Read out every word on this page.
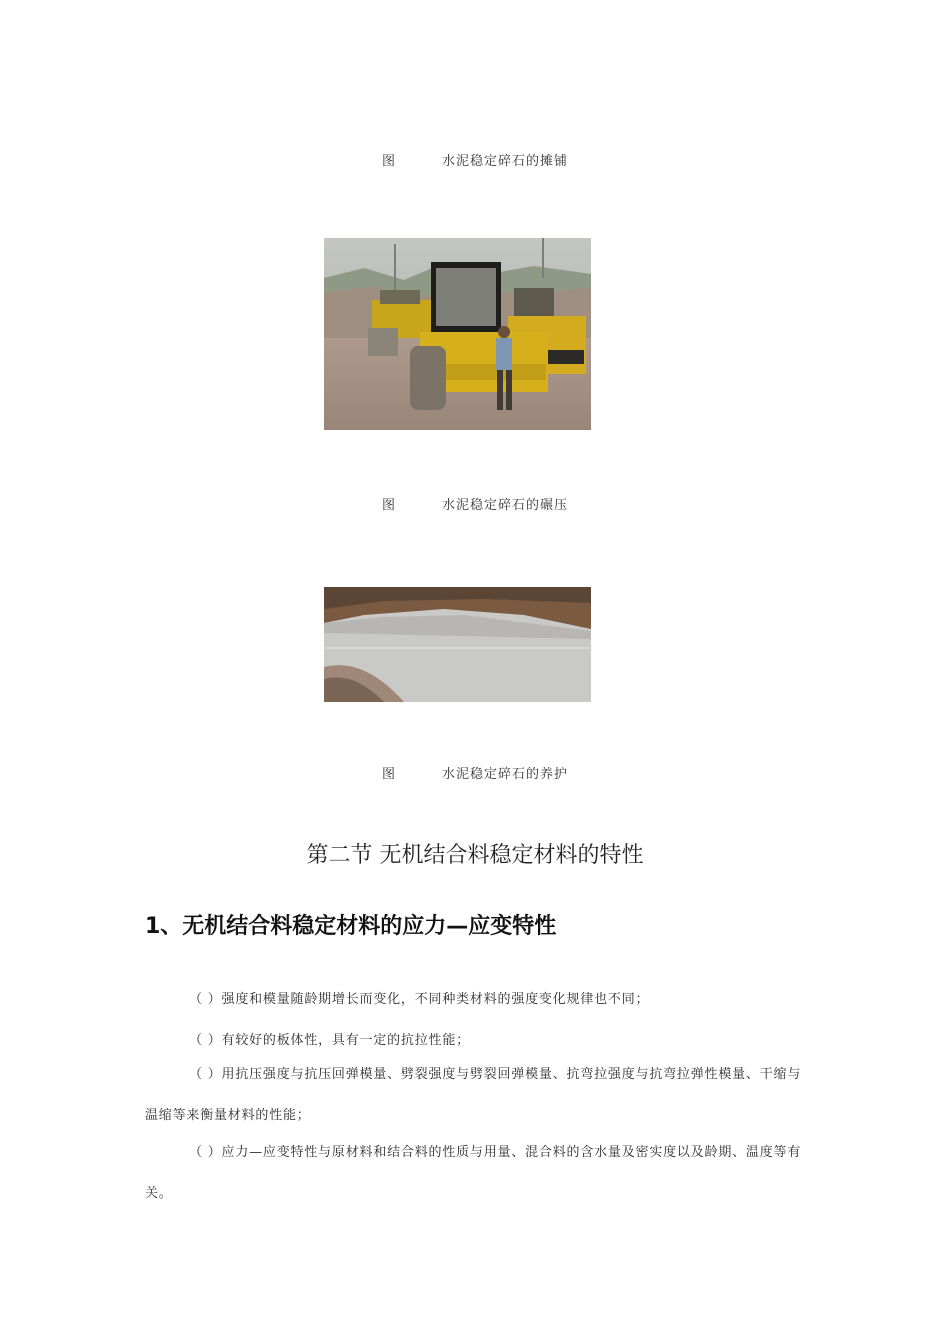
图	水泥稳定碎石的摊铺
图	水泥稳定碎石的碾压
图	水泥稳定碎石的养护
第二节 无机结合料稳定材料的特性
1、无机结合料稳定材料的应力—应变特性
（ ）强度和模量随龄期增长而变化，不同种类材料的强度变化规律也不同；
（ ）有较好的板体性，具有一定的抗拉性能；
（ ）用抗压强度与抗压回弹模量、劈裂强度与劈裂回弹模量、抗弯拉强度与抗弯拉弹性模量、干缩与温缩等来衡量材料的性能；
（ ）应力—应变特性与原材料和结合料的性质与用量、混合料的含水量及密实度以及龄期、温度等有关。
